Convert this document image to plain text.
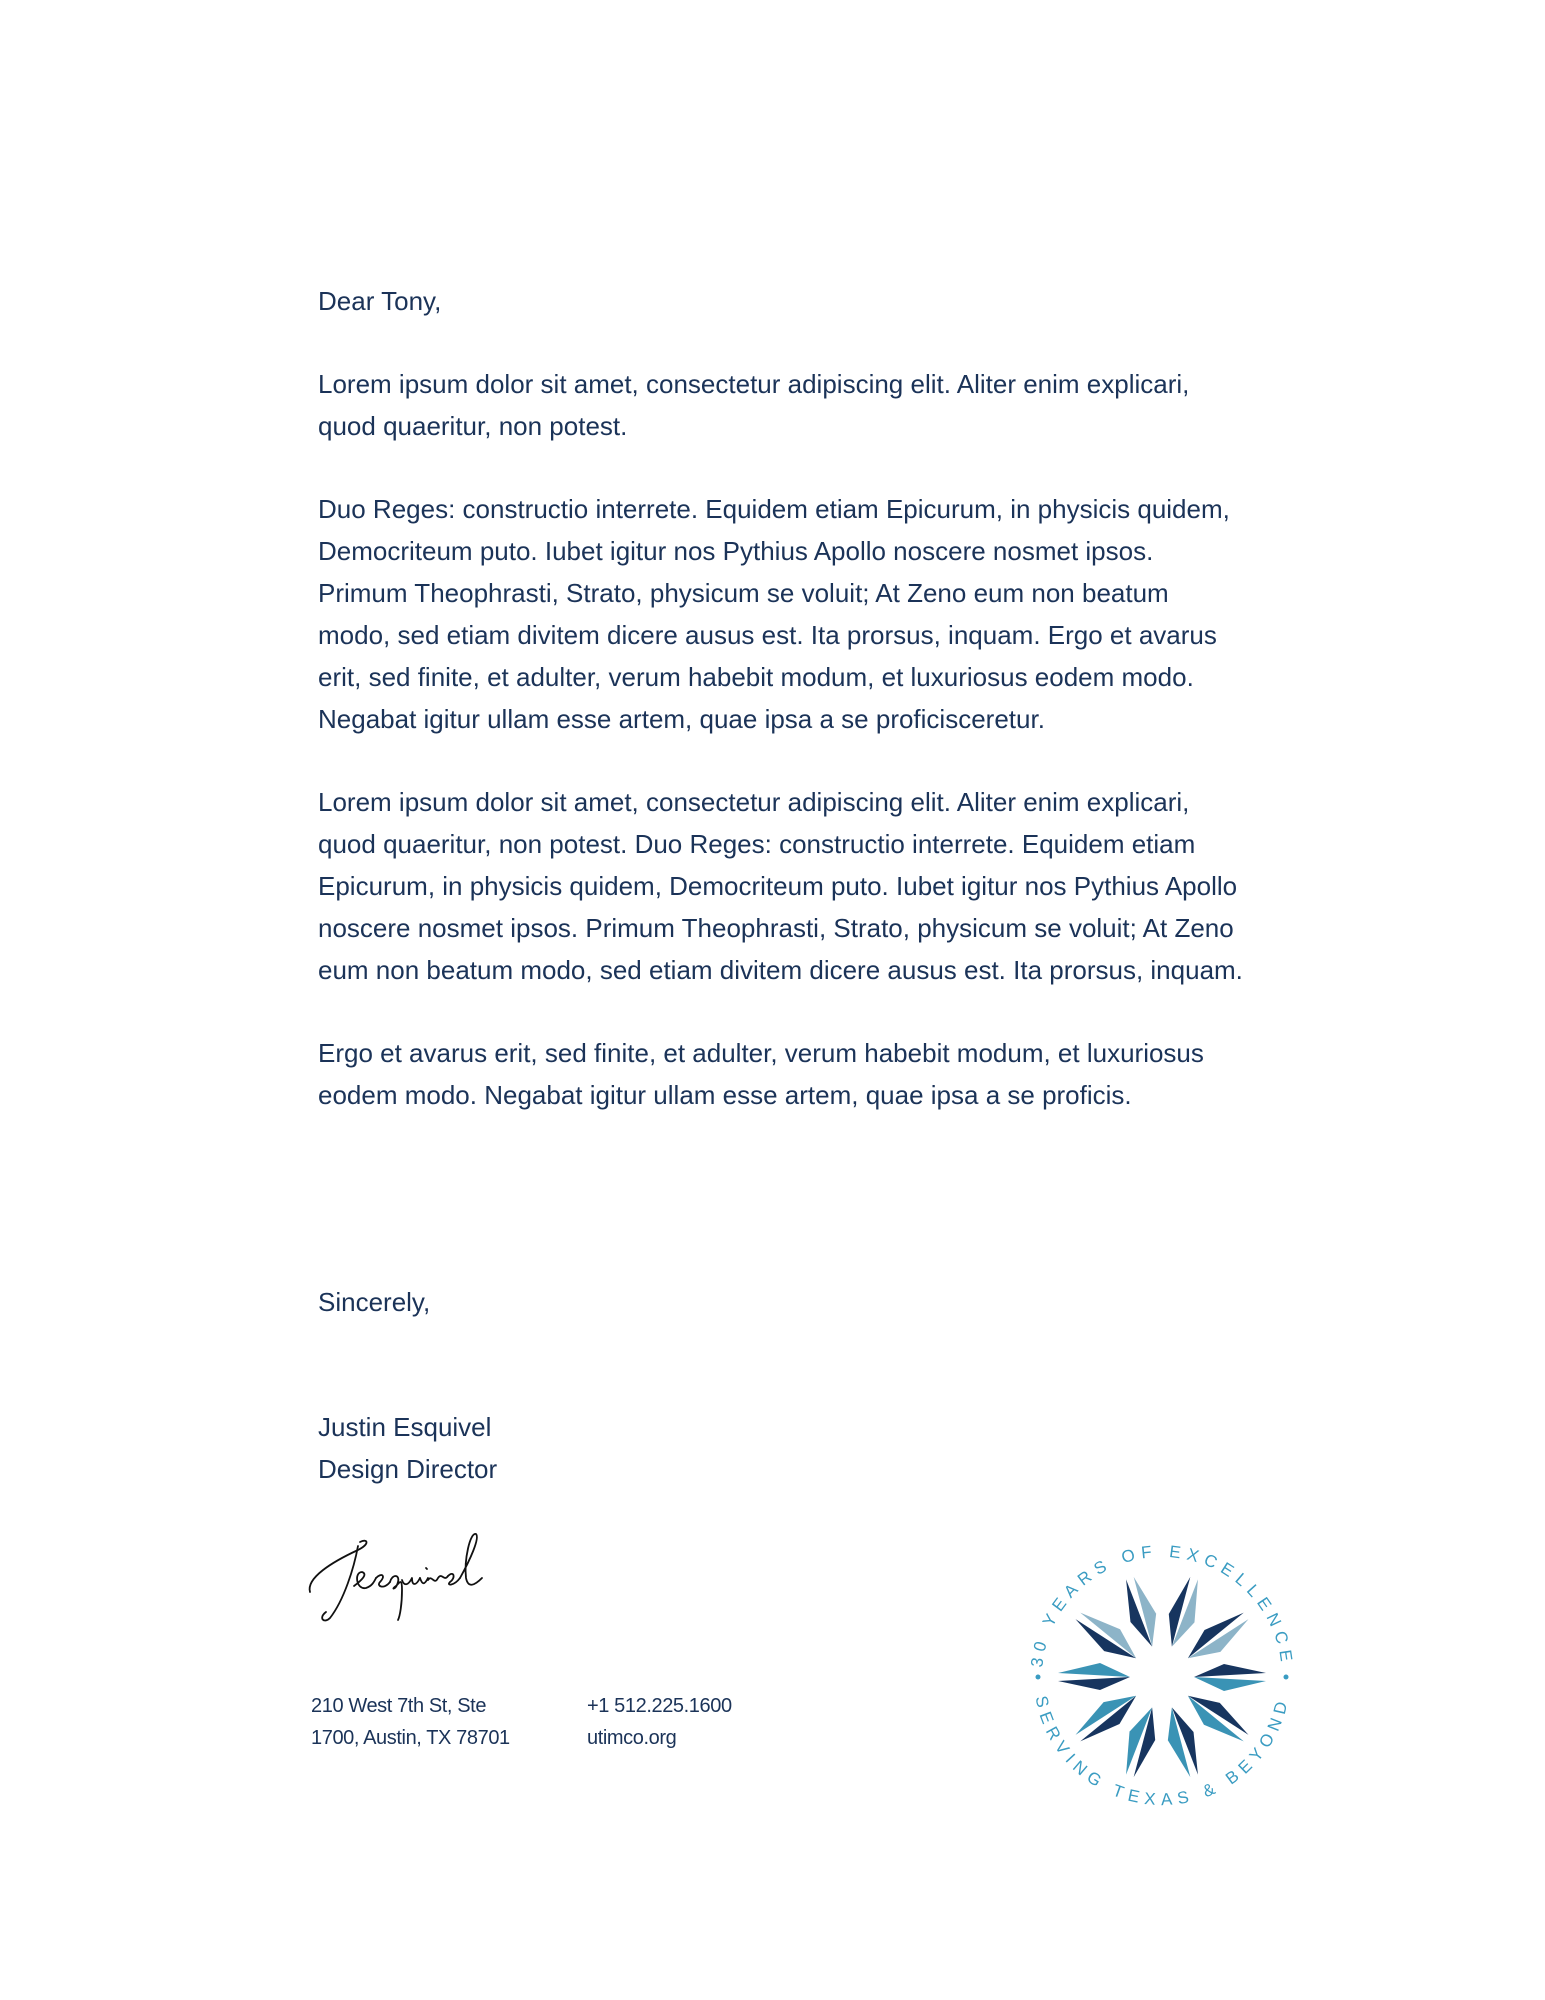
Dear Tony,

Lorem ipsum dolor sit amet, consectetur adipiscing elit. Aliter enim explicari, quod quaeritur, non potest.

Duo Reges: constructio interrete. Equidem etiam Epicurum, in physicis quidem, Democriteum puto. Iubet igitur nos Pythius Apollo noscere nosmet ipsos. Primum Theophrasti, Strato, physicum se voluit; At Zeno eum non beatum modo, sed etiam divitem dicere ausus est. Ita prorsus, inquam. Ergo et avarus erit, sed finite, et adulter, verum habebit modum, et luxuriosus eodem modo. Negabat igitur ullam esse artem, quae ipsa a se proficisceretur.

Lorem ipsum dolor sit amet, consectetur adipiscing elit. Aliter enim explicari, quod quaeritur, non potest. Duo Reges: constructio interrete. Equidem etiam Epicurum, in physicis quidem, Democriteum puto. Iubet igitur nos Pythius Apollo noscere nosmet ipsos. Primum Theophrasti, Strato, physicum se voluit; At Zeno eum non beatum modo, sed etiam divitem dicere ausus est. Ita prorsus, inquam.

Ergo et avarus erit, sed finite, et adulter, verum habebit modum, et luxuriosus eodem modo. Negabat igitur ullam esse artem, quae ipsa a se proficis.

Sincerely,
Justin Esquivel
Design Director
210 West 7th St, Ste
1700, Austin, TX 78701
+1 512.225.1600
utimco.org
30 YEARS OF EXCELLENCE
SERVING TEXAS & BEYOND
